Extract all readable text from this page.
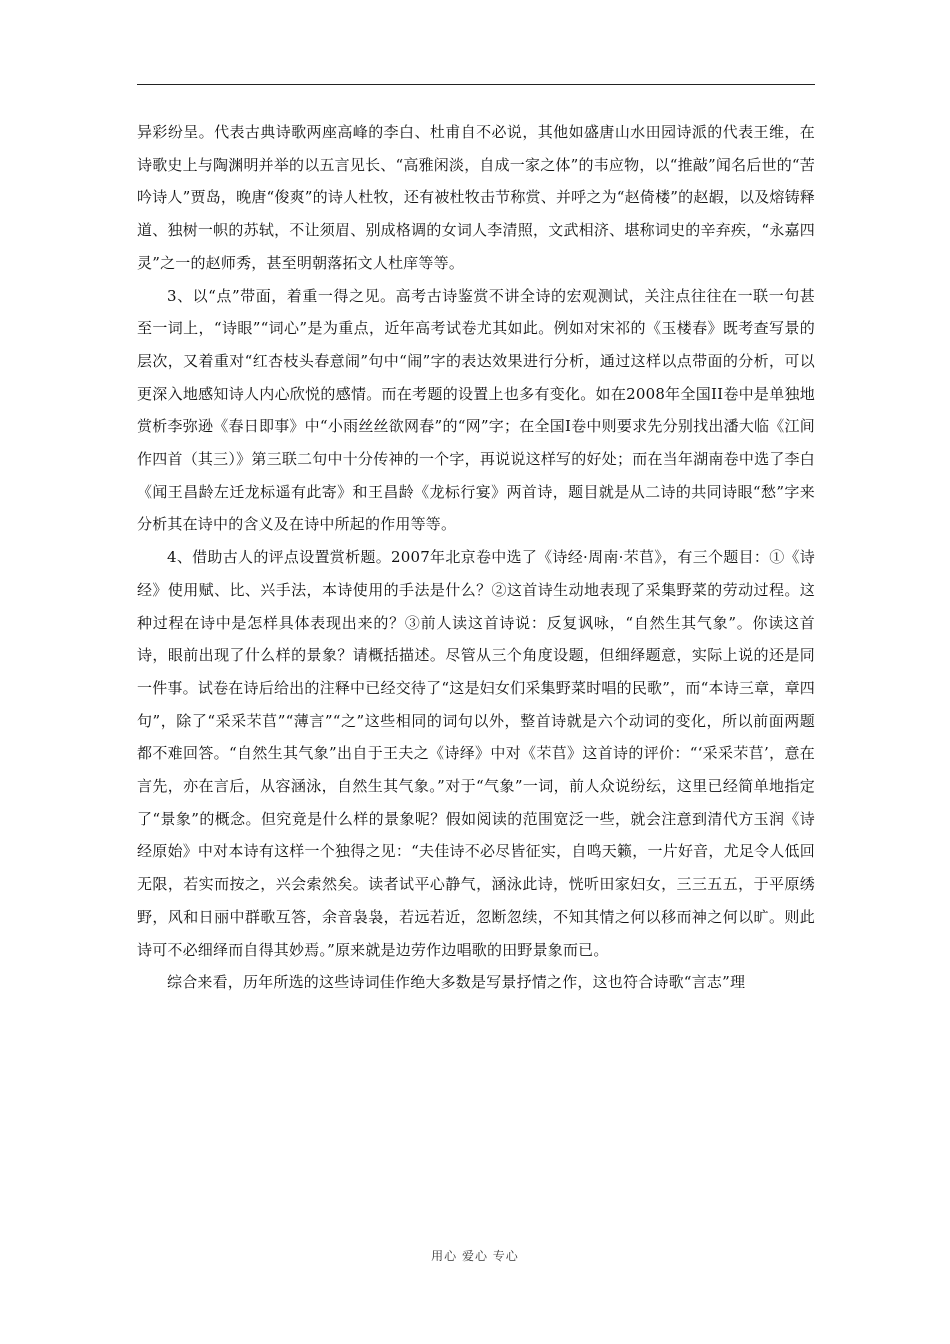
异彩纷呈。代表古典诗歌两座高峰的李白、杜甫自不必说，其他如盛唐山水田园诗派的代表王维，在诗歌史上与陶渊明并举的以五言见长、“高雅闲淡，自成一家之体”的韦应物，以“推敲”闻名后世的“苦吟诗人”贾岛，晚唐“俊爽”的诗人杜牧，还有被杜牧击节称赏、并呼之为“赵倚楼”的赵嘏，以及熔铸释道、独树一帜的苏轼，不让须眉、别成格调的女词人李清照，文武相济、堪称词史的辛弃疾，“永嘉四灵”之一的赵师秀，甚至明朝落拓文人杜庠等等。

3、以“点”带面，着重一得之见。高考古诗鉴赏不讲全诗的宏观测试，关注点往往在一联一句甚至一词上，“诗眼”“词心”是为重点，近年高考试卷尤其如此。例如对宋祁的《玉楼春》既考查写景的层次，又着重对“红杏枝头春意闹”句中“闹”字的表达效果进行分析，通过这样以点带面的分析，可以更深入地感知诗人内心欣悦的感情。而在考题的设置上也多有变化。如在2008年全国II卷中是单独地赏析李弥逊《春日即事》中“小雨丝丝欲网春”的“网”字；在全国I卷中则要求先分别找出潘大临《江间作四首（其三）》第三联二句中十分传神的一个字，再说说这样写的好处；而在当年湖南卷中选了李白《闻王昌龄左迁龙标遥有此寄》和王昌龄《龙标行宴》两首诗，题目就是从二诗的共同诗眼“愁”字来分析其在诗中的含义及在诗中所起的作用等等。

4、借助古人的评点设置赏析题。2007年北京卷中选了《诗经·周南·芣苢》，有三个题目：①《诗经》使用赋、比、兴手法，本诗使用的手法是什么？②这首诗生动地表现了采集野菜的劳动过程。这种过程在诗中是怎样具体表现出来的？③前人读这首诗说：反复讽咏，“自然生其气象”。你读这首诗，眼前出现了什么样的景象？请概括描述。尽管从三个角度设题，但细绎题意，实际上说的还是同一件事。试卷在诗后给出的注释中已经交待了“这是妇女们采集野菜时唱的民歌”，而“本诗三章，章四句”，除了“采采芣苢”“薄言”“之”这些相同的词句以外，整首诗就是六个动词的变化，所以前面两题都不难回答。“自然生其气象”出自于王夫之《诗绎》中对《芣苢》这首诗的评价：“‘采采芣苢’，意在言先，亦在言后，从容涵泳，自然生其气象。”对于“气象”一词，前人众说纷纭，这里已经简单地指定了“景象”的概念。但究竟是什么样的景象呢？假如阅读的范围宽泛一些，就会注意到清代方玉润《诗经原始》中对本诗有这样一个独得之见：“夫佳诗不必尽皆征实，自鸣天籁，一片好音，尤足令人低回无限，若实而按之，兴会索然矣。读者试平心静气，涵泳此诗，恍听田家妇女，三三五五，于平原绣野，风和日丽中群歌互答，余音袅袅，若远若近，忽断忽续，不知其情之何以移而神之何以旷。则此诗可不必细绎而自得其妙焉。”原来就是边劳作边唱歌的田野景象而已。

综合来看，历年所选的这些诗词佳作绝大多数是写景抒情之作，这也符合诗歌“言志”理

用心 爱心 专心
